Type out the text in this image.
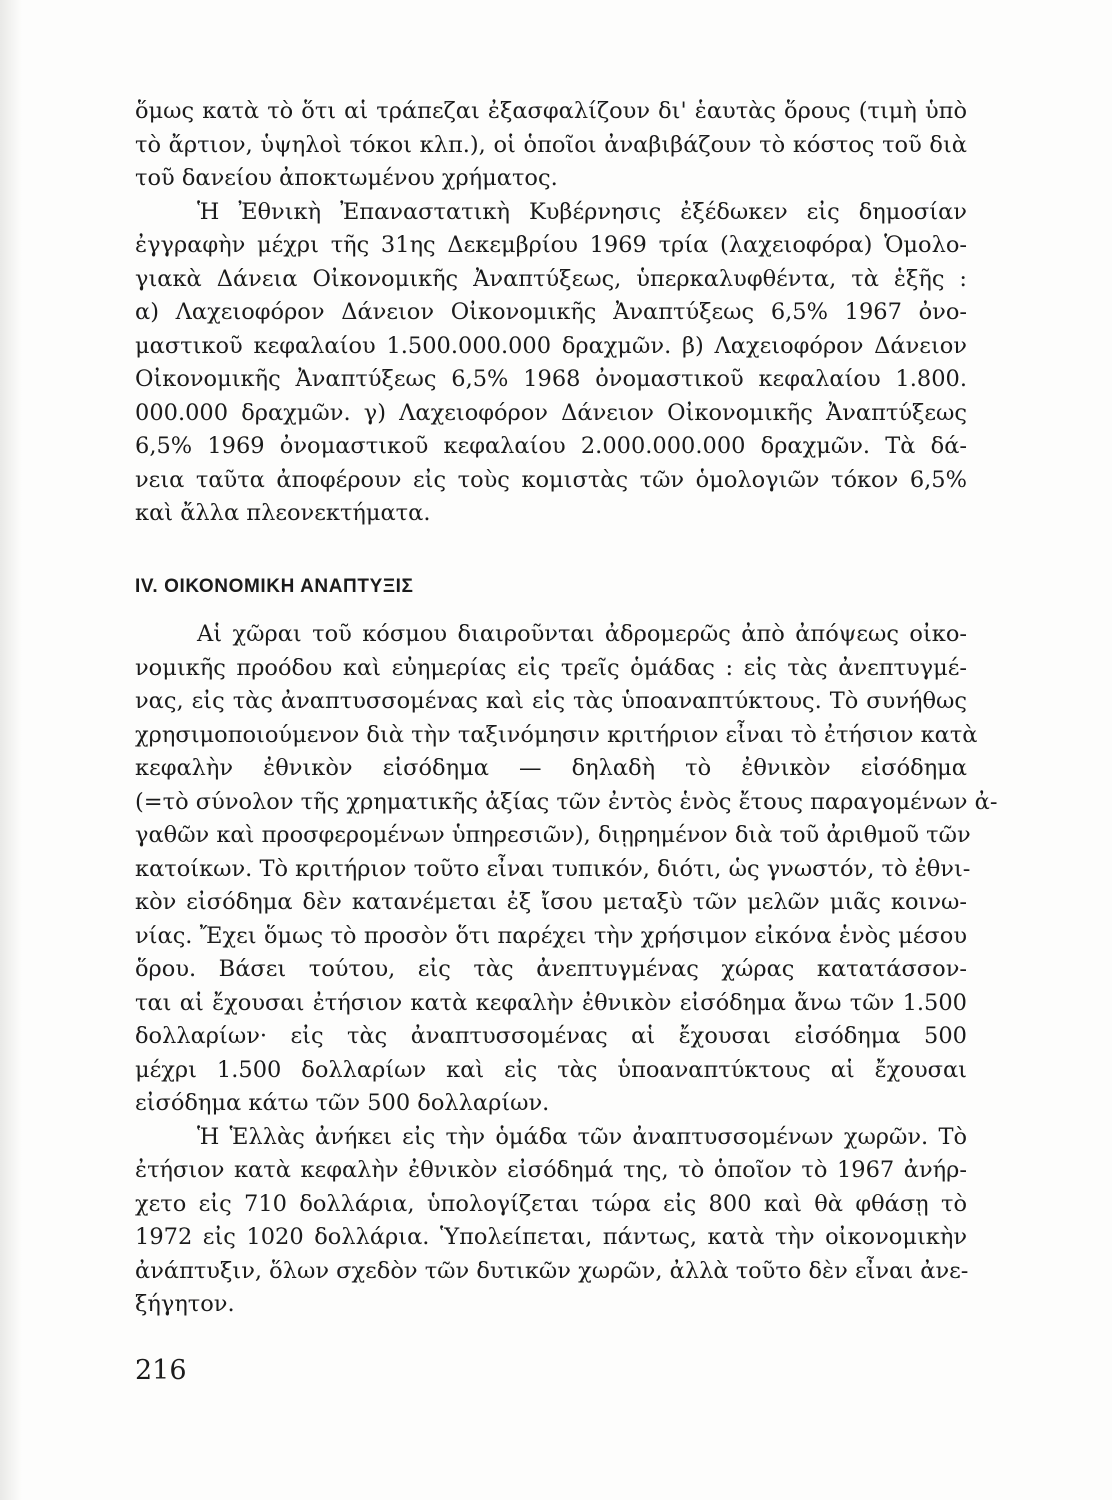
ὅμως κατὰ τὸ ὅτι αἱ τράπεζαι ἐξασφαλίζουν δι' ἑαυτὰς ὅρους (τιμὴ ὑπὸ
τὸ ἄρτιον, ὑψηλοὶ τόκοι κλπ.), οἱ ὁποῖοι ἀναβιβάζουν τὸ κόστος τοῦ διὰ
τοῦ δανείου ἀποκτωμένου χρήματος.

Ἡ Ἐθνικὴ Ἐπαναστατικὴ Κυβέρνησις ἐξέδωκεν εἰς δημοσίαν
ἐγγραφὴν μέχρι τῆς 31ης Δεκεμβρίου 1969 τρία (λαχειοφόρα) Ὁμολο-
γιακὰ Δάνεια Οἰκονομικῆς Ἀναπτύξεως, ὑπερκαλυφθέντα, τὰ ἑξῆς :
α) Λαχειοφόρον Δάνειον Οἰκονομικῆς Ἀναπτύξεως 6,5% 1967 ὀνο-
μαστικοῦ κεφαλαίου 1.500.000.000 δραχμῶν. β) Λαχειοφόρον Δάνειον
Οἰκονομικῆς Ἀναπτύξεως 6,5% 1968 ὀνομαστικοῦ κεφαλαίου 1.800.
000.000 δραχμῶν. γ) Λαχειοφόρον Δάνειον Οἰκονομικῆς Ἀναπτύξεως
6,5% 1969 ὀνομαστικοῦ κεφαλαίου 2.000.000.000 δραχμῶν. Τὰ δά-
νεια ταῦτα ἀποφέρουν εἰς τοὺς κομιστὰς τῶν ὁμολογιῶν τόκον 6,5%
καὶ ἄλλα πλεονεκτήματα.

IV. ΟΙΚΟΝΟΜΙΚΗ ΑΝΑΠΤΥΞΙΣ

Αἱ χῶραι τοῦ κόσμου διαιροῦνται ἀδρομερῶς ἀπὸ ἀπόψεως οἰκο-
νομικῆς προόδου καὶ εὐημερίας εἰς τρεῖς ὁμάδας : εἰς τὰς ἀνεπτυγμέ-
νας, εἰς τὰς ἀναπτυσσομένας καὶ εἰς τὰς ὑποαναπτύκτους. Τὸ συνήθως
χρησιμοποιούμενον διὰ τὴν ταξινόμησιν κριτήριον εἶναι τὸ ἐτήσιον κατὰ
κεφαλὴν ἐθνικὸν εἰσόδημα — δηλαδὴ τὸ ἐθνικὸν εἰσόδημα
(=τὸ σύνολον τῆς χρηματικῆς ἀξίας τῶν ἐντὸς ἑνὸς ἔτους παραγομένων ἀ-
γαθῶν καὶ προσφερομένων ὑπηρεσιῶν), διῃρημένον διὰ τοῦ ἀριθμοῦ τῶν
κατοίκων. Τὸ κριτήριον τοῦτο εἶναι τυπικόν, διότι, ὡς γνωστόν, τὸ ἐθνι-
κὸν εἰσόδημα δὲν κατανέμεται ἐξ ἴσου μεταξὺ τῶν μελῶν μιᾶς κοινω-
νίας. Ἔχει ὅμως τὸ προσὸν ὅτι παρέχει τὴν χρήσιμον εἰκόνα ἑνὸς μέσου
ὅρου. Βάσει τούτου, εἰς τὰς ἀνεπτυγμένας χώρας κατατάσσον-
ται αἱ ἔχουσαι ἐτήσιον κατὰ κεφαλὴν ἐθνικὸν εἰσόδημα ἄνω τῶν 1.500
δολλαρίων· εἰς τὰς ἀναπτυσσομένας αἱ ἔχουσαι εἰσόδημα 500
μέχρι 1.500 δολλαρίων καὶ εἰς τὰς ὑποαναπτύκτους αἱ ἔχουσαι
εἰσόδημα κάτω τῶν 500 δολλαρίων.

Ἡ Ἑλλὰς ἀνήκει εἰς τὴν ὁμάδα τῶν ἀναπτυσσομένων χωρῶν. Τὸ
ἐτήσιον κατὰ κεφαλὴν ἐθνικὸν εἰσόδημά της, τὸ ὁποῖον τὸ 1967 ἀνήρ-
χετο εἰς 710 δολλάρια, ὑπολογίζεται τώρα εἰς 800 καὶ θὰ φθάσῃ τὸ
1972 εἰς 1020 δολλάρια. Ὑπολείπεται, πάντως, κατὰ τὴν οἰκονομικὴν
ἀνάπτυξιν, ὅλων σχεδὸν τῶν δυτικῶν χωρῶν, ἀλλὰ τοῦτο δὲν εἶναι ἀνε-
ξήγητον.

216
